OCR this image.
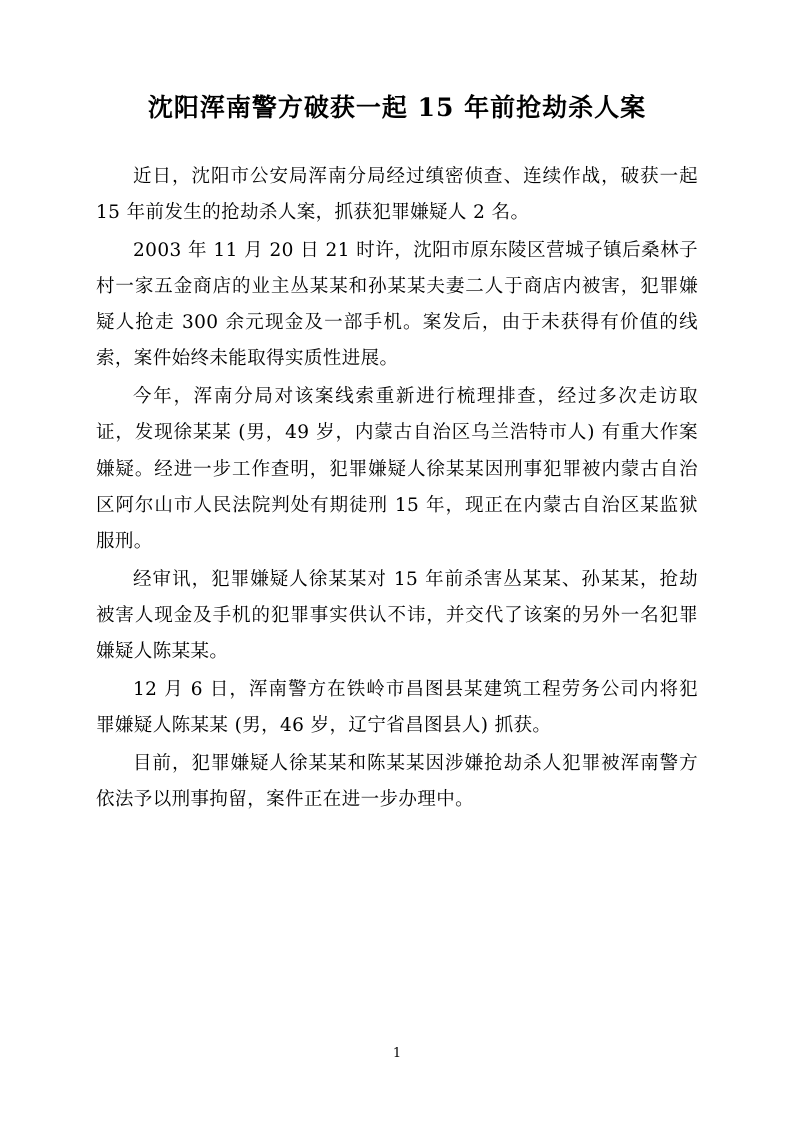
沈阳浑南警方破获一起 15 年前抢劫杀人案

近日，沈阳市公安局浑南分局经过缜密侦查、连续作战，破获一起 15 年前发生的抢劫杀人案，抓获犯罪嫌疑人 2 名。

2003 年 11 月 20 日 21 时许，沈阳市原东陵区营城子镇后桑林子村一家五金商店的业主丛某某和孙某某夫妻二人于商店内被害，犯罪嫌疑人抢走 300 余元现金及一部手机。案发后，由于未获得有价值的线索，案件始终未能取得实质性进展。

今年，浑南分局对该案线索重新进行梳理排查，经过多次走访取证，发现徐某某 (男，49 岁，内蒙古自治区乌兰浩特市人) 有重大作案嫌疑。经进一步工作查明，犯罪嫌疑人徐某某因刑事犯罪被内蒙古自治区阿尔山市人民法院判处有期徒刑 15 年，现正在内蒙古自治区某监狱服刑。

经审讯，犯罪嫌疑人徐某某对 15 年前杀害丛某某、孙某某，抢劫被害人现金及手机的犯罪事实供认不讳，并交代了该案的另外一名犯罪嫌疑人陈某某。

12 月 6 日，浑南警方在铁岭市昌图县某建筑工程劳务公司内将犯罪嫌疑人陈某某 (男，46 岁，辽宁省昌图县人) 抓获。

目前，犯罪嫌疑人徐某某和陈某某因涉嫌抢劫杀人犯罪被浑南警方依法予以刑事拘留，案件正在进一步办理中。

1
